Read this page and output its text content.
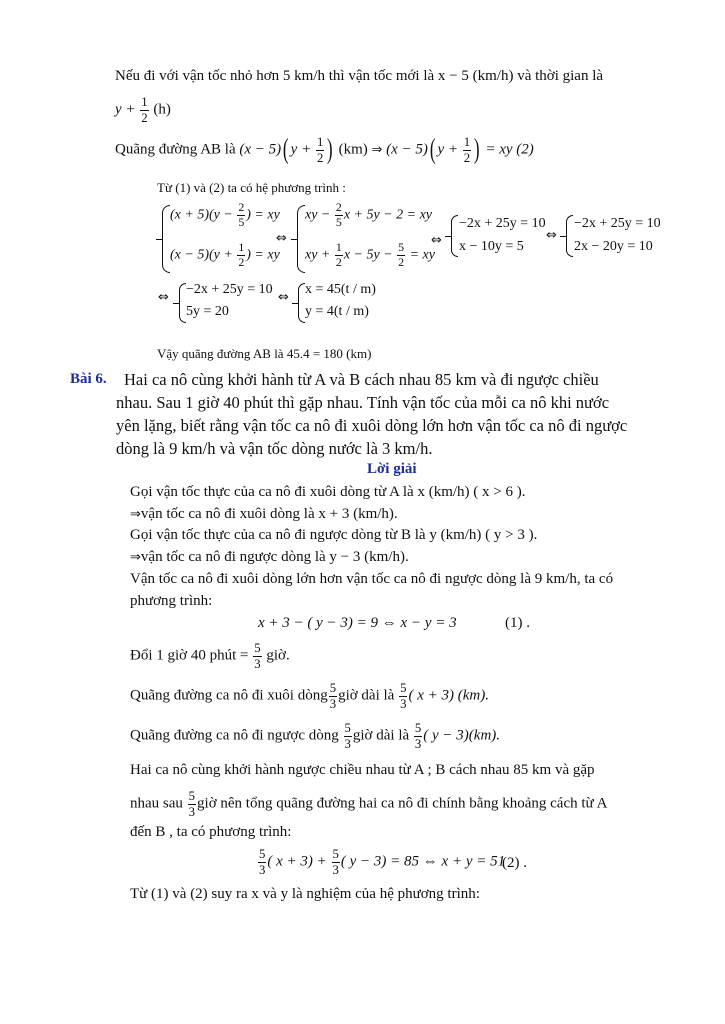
Nếu đi với vận tốc nhỏ hơn 5 km/h thì vận tốc mới là x − 5 (km/h) và thời gian là
$y + \frac{1}{2} (h)$
Quãng đường AB là (x − 5)( $y + \frac{1}{2}$ ) (km) ⇒ (x − 5)( $y + \frac{1}{2}$ ) = xy (2)
Từ (1) và (2) ta có hệ phương trình :
$(x + 5)(y - \frac{2}{5}$ ) = xy
$(x - 5)(y + \frac{1}{2}$ ) = xy
⇔
xy − $\frac{2}{5}$ x + 5y − 2 = xy
xy + $\frac{1}{2}$ $x - 5y - \frac{5}{2}$ = xy
⇔
−2x + 25y = 10
x − 10y = 5
⇔
−2x + 25y = 10
2x − 20y = 10
⇔
−2x + 25y = 10
5y = 20
⇔
x = 45(t / m)
y = 4(t / m)
Vậy quãng đường AB là 45.4 = 180 (km)
Bài 6. Hai ca nô cùng khởi hành từ A và B cách nhau 85 km và đi ngược chiều
nhau. Sau 1 giờ 40 phút thì gặp nhau. Tính vận tốc của mỗi ca nô khi nước
yên lặng, biết rằng vận tốc ca nô đi xuôi dòng lớn hơn vận tốc ca nô đi ngược
dòng là 9 km/h và vận tốc dòng nước là 3 km/h.
Lời giải
Gọi vận tốc thực của ca nô đi xuôi dòng từ A là x (km/h) ( x > 6 ).
⇒vận tốc ca nô đi xuôi dòng là x + 3 (km/h).
Gọi vận tốc thực của ca nô đi ngược dòng từ B là y (km/h) ( y > 3 ).
⇒vận tốc ca nô đi ngược dòng là y − 3 (km/h).
Vận tốc ca nô đi xuôi dòng lớn hơn vận tốc ca nô đi ngược dòng là 9 km/h, ta có
phương trình:
x + 3 − ( y − 3) = 9 ⇔ x − y = 3	(1) .
Đổi 1 giờ 40 phút = $\frac{5}{3}$ giờ.
Quãng đường ca nô đi xuôi dòng $\frac{5}{3}$ giờ dài là $\frac{5}{3}$ ( x + 3) (km).
Quãng đường ca nô đi ngược dòng $\frac{5}{3}$ giờ dài là $\frac{5}{3}$ ( y − 3)(km).
Hai ca nô cùng khởi hành ngược chiều nhau từ A ; B cách nhau 85 km và gặp
nhau sau $\frac{5}{3}$ giờ nên tổng quãng đường hai ca nô đi chính bằng khoảng cách từ A
đến B , ta có phương trình:
$\frac{5}{3}$ ( $x + 3) + \frac{5}{3}$ ( y − 3) = 85 ⇔ x + y = 51
(2) .
Từ (1) và (2) suy ra x và y là nghiệm của hệ phương trình:
